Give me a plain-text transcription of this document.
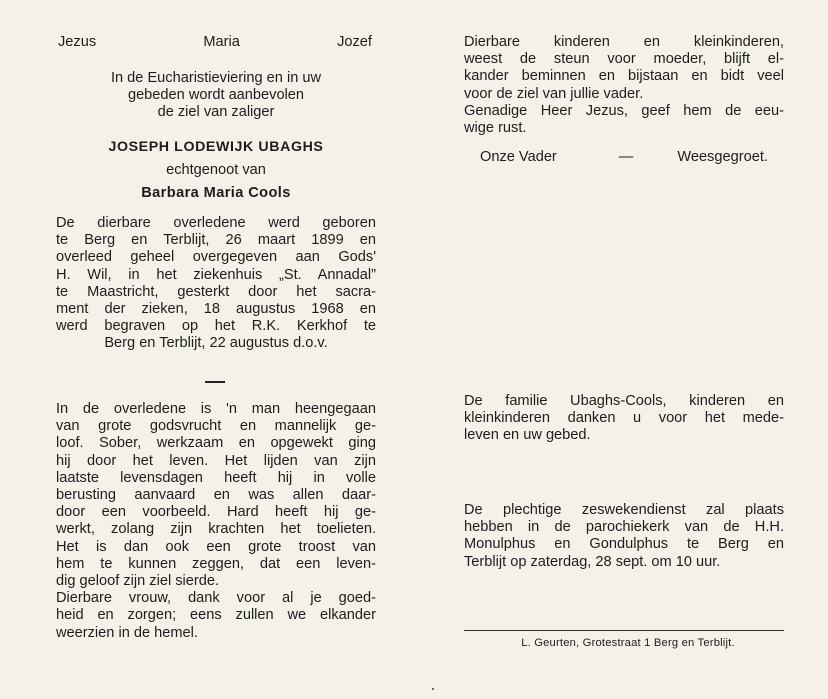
Jezus	Maria	Jozef
In de Eucharistieviering en in uw
gebeden wordt aanbevolen
de ziel van zaliger
JOSEPH LODEWIJK UBAGHS
echtgenoot van
Barbara Maria Cools
De dierbare overledene werd geboren
te Berg en Terblijt, 26 maart 1899 en
overleed geheel overgegeven aan Gods'
H. Wil, in het ziekenhuis „St. Annadal”
te Maastricht, gesterkt door het sacra-
ment der zieken, 18 augustus 1968 en
werd begraven op het R.K. Kerkhof te
Berg en Terblijt, 22 augustus d.o.v.
In de overledene is 'n man heengegaan
van grote godsvrucht en mannelijk ge-
loof. Sober, werkzaam en opgewekt ging
hij door het leven. Het lijden van zijn
laatste levensdagen heeft hij in volle
berusting aanvaard en was allen daar-
door een voorbeeld. Hard heeft hij ge-
werkt, zolang zijn krachten het toelieten.
Het is dan ook een grote troost van
hem te kunnen zeggen, dat een leven-
dig geloof zijn ziel sierde.
Dierbare vrouw, dank voor al je goed-
heid en zorgen; eens zullen we elkander
weerzien in de hemel.
Dierbare kinderen en kleinkinderen,
weest de steun voor moeder, blijft el-
kander beminnen en bijstaan en bidt veel
voor de ziel van jullie vader.
Genadige Heer Jezus, geef hem de eeu-
wige rust.
Onze Vader	—	Weesgegroet.
De familie Ubaghs-Cools, kinderen en
kleinkinderen danken u voor het mede-
leven en uw gebed.
De plechtige zeswekendienst zal plaats
hebben in de parochiekerk van de H.H.
Monulphus en Gondulphus te Berg en
Terblijt op zaterdag, 28 sept. om 10 uur.
L. Geurten, Grotestraat 1 Berg en Terblijt.
